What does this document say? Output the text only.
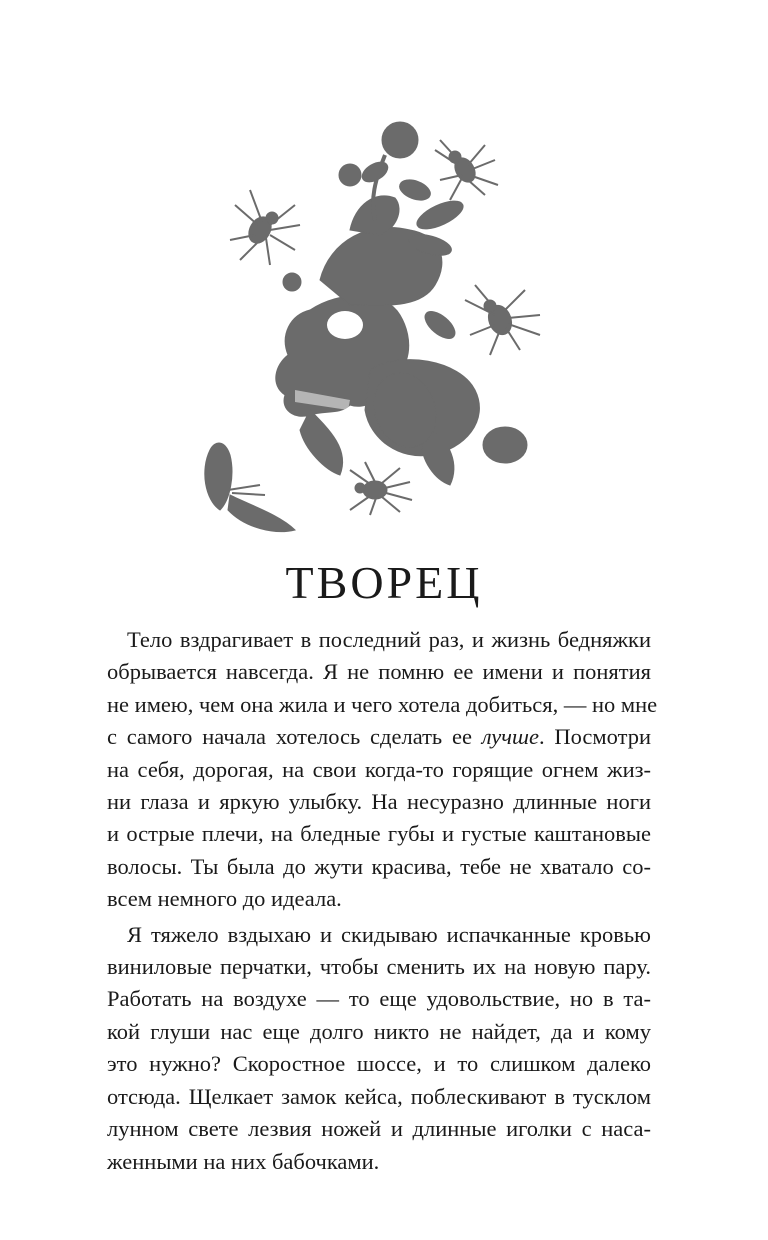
ТВОРЕЦ

Тело вздрагивает в последний раз, и жизнь бедняжки
обрывается навсегда. Я не помню ее имени и понятия
не имею, чем она жила и чего хотела добиться, — но мне
с самого начала хотелось сделать ее лучше. Посмотри
на себя, дорогая, на свои когда-то горящие огнем жиз-
ни глаза и яркую улыбку. На несуразно длинные ноги
и острые плечи, на бледные губы и густые каштановые
волосы. Ты была до жути красива, тебе не хватало со-
всем немного до идеала.

Я тяжело вздыхаю и скидываю испачканные кровью
виниловые перчатки, чтобы сменить их на новую пару.
Работать на воздухе — то еще удовольствие, но в та-
кой глуши нас еще долго никто не найдет, да и кому
это нужно? Скоростное шоссе, и то слишком далеко
отсюда. Щелкает замок кейса, поблескивают в тусклом
лунном свете лезвия ножей и длинные иголки с наса-
женными на них бабочками.
